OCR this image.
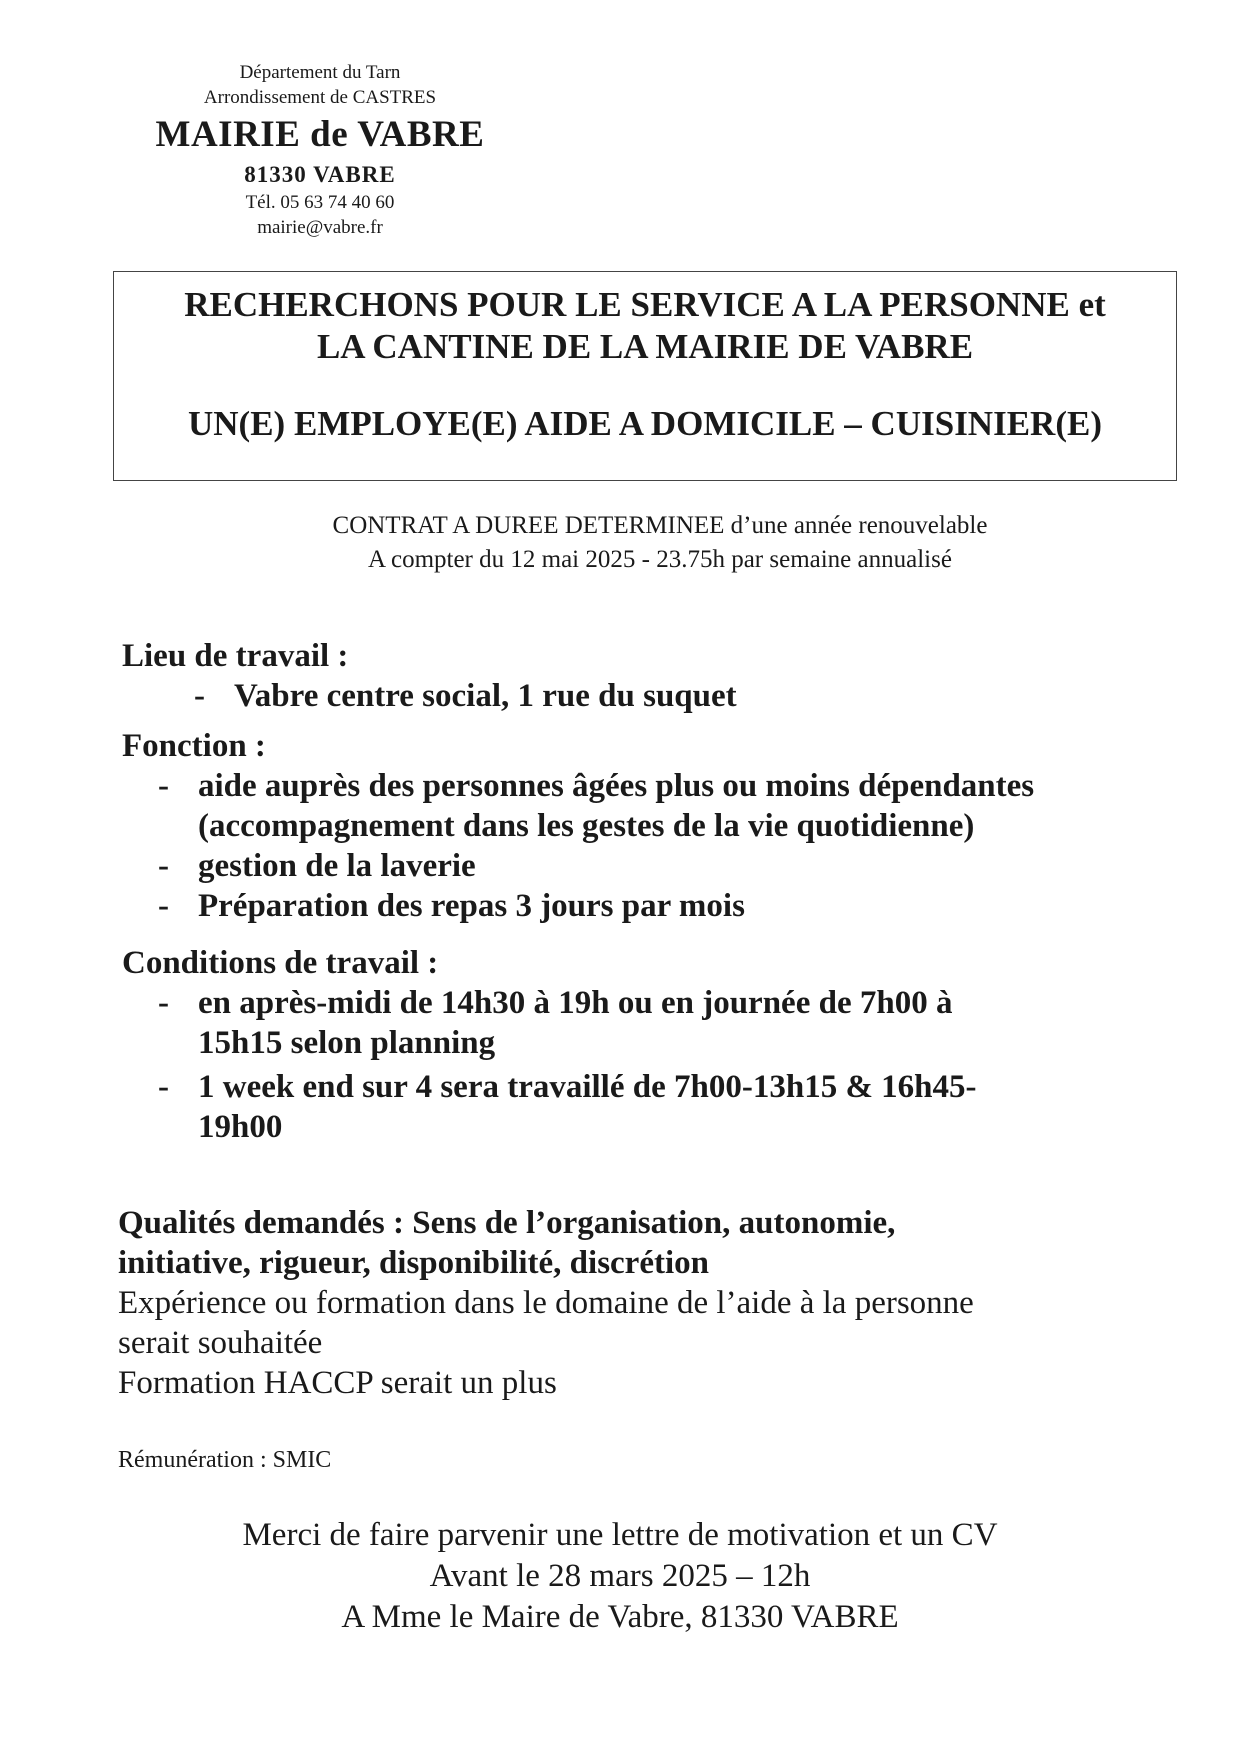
Département du Tarn
Arrondissement de CASTRES
MAIRIE de VABRE
81330 VABRE
Tél. 05 63 74 40 60
mairie@vabre.fr
RECHERCHONS POUR LE SERVICE A LA PERSONNE et
LA CANTINE DE LA MAIRIE DE VABRE
UN(E) EMPLOYE(E) AIDE A DOMICILE – CUISINIER(E)
CONTRAT A DUREE DETERMINEE d’une année renouvelable
A compter du 12 mai 2025 - 23.75h par semaine annualisé
Lieu de travail :
- Vabre centre social, 1 rue du suquet
Fonction :
- aide auprès des personnes âgées plus ou moins dépendantes
(accompagnement dans les gestes de la vie quotidienne)
- gestion de la laverie
- Préparation des repas 3 jours par mois
Conditions de travail :
- en après-midi de 14h30 à 19h ou en journée de 7h00 à
15h15 selon planning
- 1 week end sur 4 sera travaillé de 7h00-13h15 & 16h45-
19h00
Qualités demandés : Sens de l’organisation, autonomie,
initiative, rigueur, disponibilité, discrétion
Expérience ou formation dans le domaine de l’aide à la personne
serait souhaitée
Formation HACCP serait un plus
Rémunération : SMIC
Merci de faire parvenir une lettre de motivation et un CV
Avant le 28 mars 2025 – 12h
A Mme le Maire de Vabre, 81330 VABRE
